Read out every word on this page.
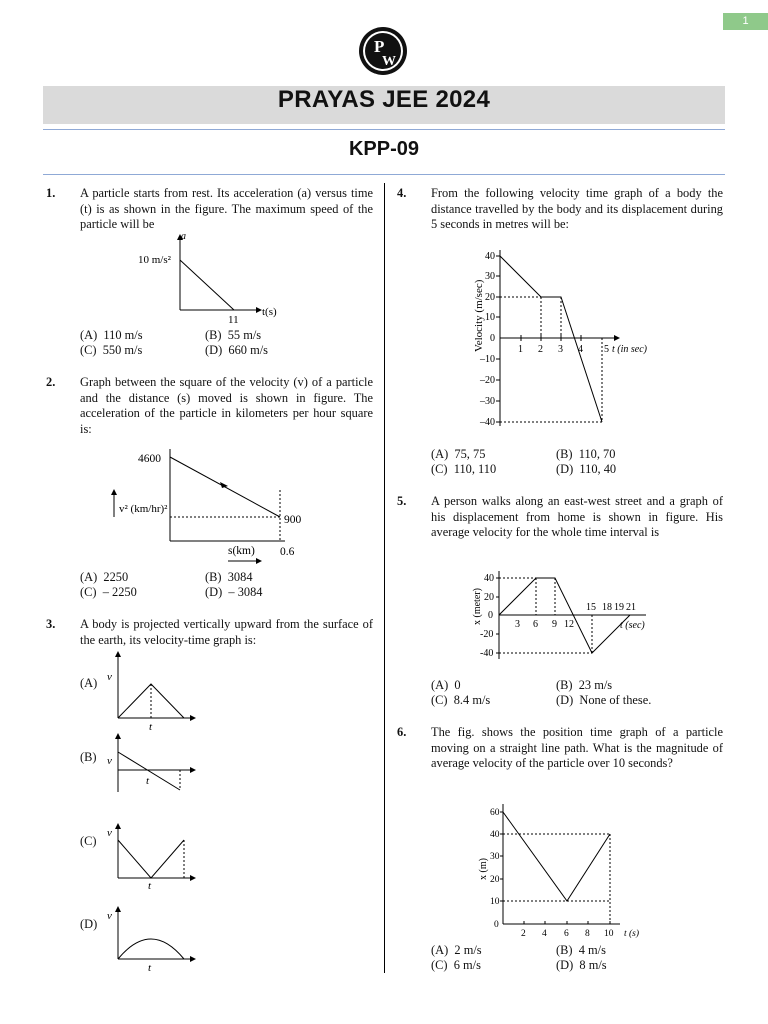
1
P
W
PRAYAS JEE 2024
KPP-09
1. A particle starts from rest. Its acceleration (a) versus time (t) is as shown in the figure. The maximum speed of the particle will be
a
10 m/s²
t(s)
11
(A) 110 m/s	(B) 55 m/s
(C) 550 m/s	(D) 660 m/s
2. Graph between the square of the velocity (v) of a particle and the distance (s) moved is shown in figure. The acceleration of the particle in kilometers per hour square is:
4600
v² (km/hr)²
900
s(km) 0.6
(A) 2250	(B) 3084
(C) – 2250	(D) – 3084
3. A body is projected vertically upward from the surface of the earth, its velocity-time graph is:
(A) v
t
(B) v
t
(C)
v
t
(D)
v
t
4. From the following velocity time graph of a body the distance travelled by the body and its displacement during 5 seconds in metres will be:
Velocity (m/sec)
40
30
20
10
0
–10
–20
–30
–40
1 2 3 4 5 t (in sec)
(A) 75, 75	(B) 110, 70
(C) 110, 110	(D) 110, 40
5. A person walks along an east-west street and a graph of his displacement from home is shown in figure. His average velocity for the whole time interval is
x (meter)
40
20
0
-20
-40
3 6 9 12
15 18 19 21
t (sec)
(A) 0	(B) 23 m/s
(C) 8.4 m/s	(D) None of these.
6. The fig. shows the position time graph of a particle moving on a straight line path. What is the magnitude of average velocity of the particle over 10 seconds?
x (m)
60
40
30
20
10
0
2 4 6 8 10 t (s)
(A) 2 m/s	(B) 4 m/s
(C) 6 m/s	(D) 8 m/s
